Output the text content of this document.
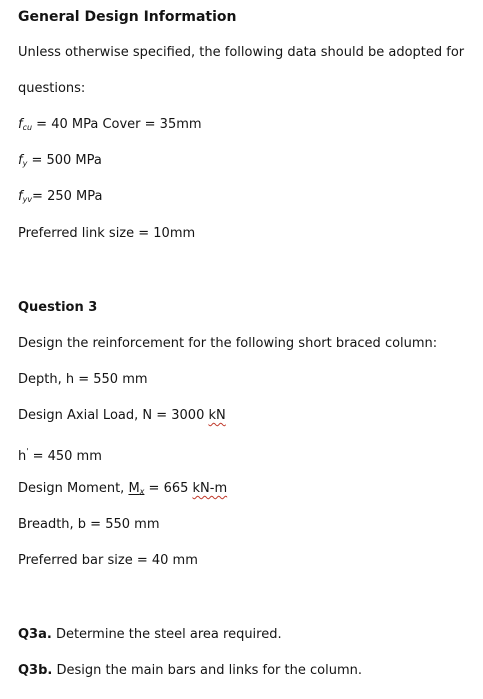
General Design Information
Unless otherwise specified, the following data should be adopted for
questions:
$f_{cu} = 40$ MPa Cover = 35mm
$f_y = 500$ MPa
$f_{yv}= 250$ MPa
Preferred link size = 10mm
Question 3
Design the reinforcement for the following short braced column:
Depth, h = 550 mm
Design Axial Load, N = 3000 kN
h' = 450 mm
Design Moment, $M_x = 665$ kN-m
Breadth, b = 550 mm
Preferred bar size = 40 mm
Q3a. Determine the steel area required.
Q3b. Design the main bars and links for the column.
